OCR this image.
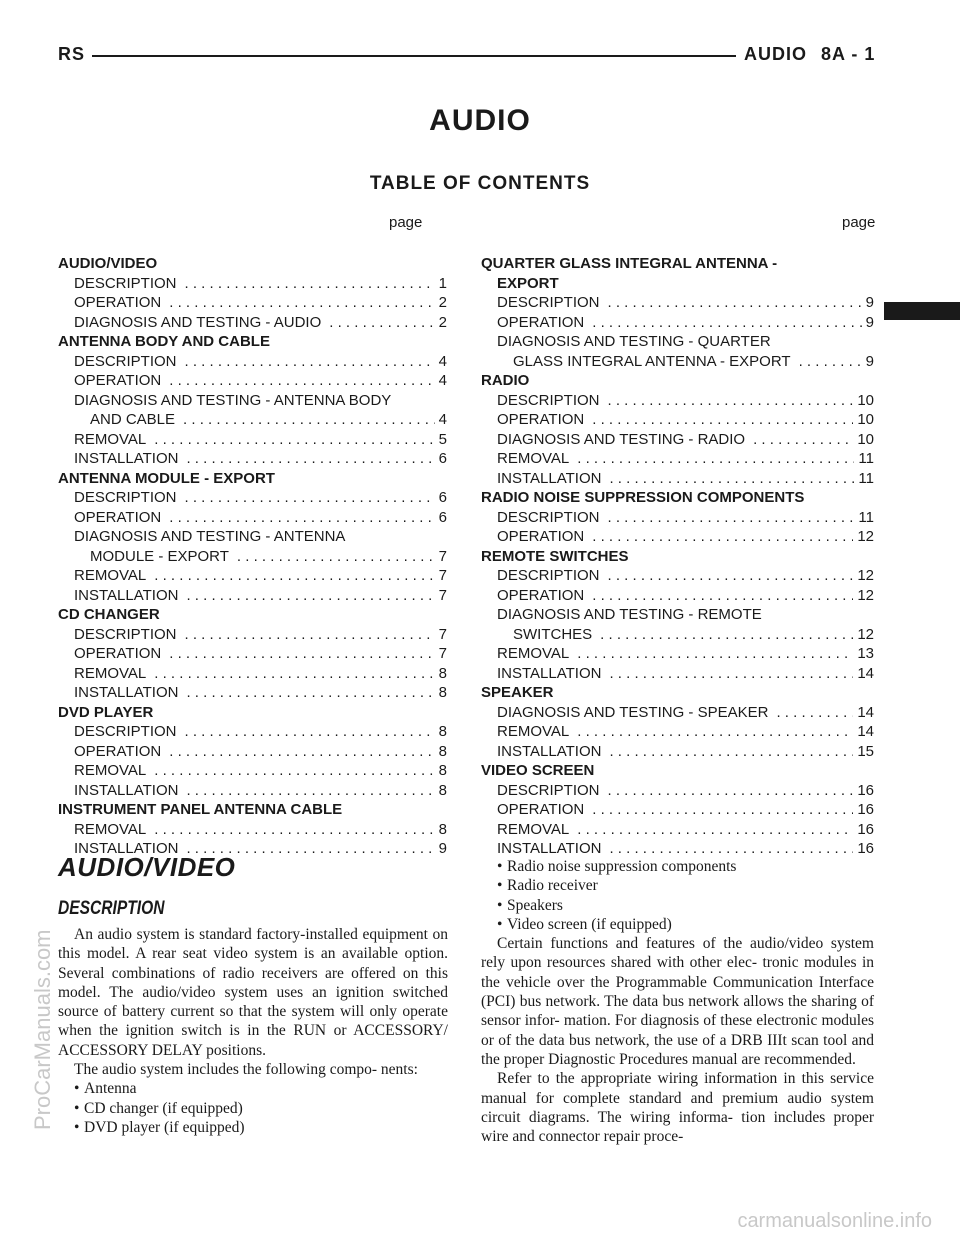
RS	AUDIO 8A - 1
AUDIO
TABLE OF CONTENTS
page	page
AUDIO/VIDEO
DESCRIPTION . . .	1
OPERATION . . .	2
DIAGNOSIS AND TESTING - AUDIO . . .	2
ANTENNA BODY AND CABLE
DESCRIPTION . . .	4
OPERATION . . .	4
DIAGNOSIS AND TESTING - ANTENNA BODY
AND CABLE . . .	4
REMOVAL . . .	5
INSTALLATION . . .	6
ANTENNA MODULE - EXPORT
DESCRIPTION . . .	6
OPERATION . . .	6
DIAGNOSIS AND TESTING - ANTENNA
MODULE - EXPORT . . .	7
REMOVAL . . .	7
INSTALLATION . . .	7
CD CHANGER
DESCRIPTION . . .	7
OPERATION . . .	7
REMOVAL . . .	8
INSTALLATION . . .	8
DVD PLAYER
DESCRIPTION . . .	8
OPERATION . . .	8
REMOVAL . . .	8
INSTALLATION . . .	8
INSTRUMENT PANEL ANTENNA CABLE
REMOVAL . . .	8
INSTALLATION . . .	9
QUARTER GLASS INTEGRAL ANTENNA -
EXPORT
DESCRIPTION . . .	9
OPERATION . . .	9
DIAGNOSIS AND TESTING - QUARTER
GLASS INTEGRAL ANTENNA - EXPORT . . .	9
RADIO
DESCRIPTION . . .	10
OPERATION . . .	10
DIAGNOSIS AND TESTING - RADIO . . .	10
REMOVAL . . .	11
INSTALLATION . . .	11
RADIO NOISE SUPPRESSION COMPONENTS
DESCRIPTION . . .	11
OPERATION . . .	12
REMOTE SWITCHES
DESCRIPTION . . .	12
OPERATION . . .	12
DIAGNOSIS AND TESTING - REMOTE
SWITCHES . . .	12
REMOVAL . . .	13
INSTALLATION . . .	14
SPEAKER
DIAGNOSIS AND TESTING - SPEAKER . . .	14
REMOVAL . . .	14
INSTALLATION . . .	15
VIDEO SCREEN
DESCRIPTION . . .	16
OPERATION . . .	16
REMOVAL . . .	16
INSTALLATION . . .	16
AUDIO/VIDEO
DESCRIPTION

An audio system is standard factory-installed equipment on this model. A rear seat video system is an available option. Several combinations of radio receivers are offered on this model. The audio/video system uses an ignition switched source of battery current so that the system will only operate when the ignition switch is in the RUN or ACCESSORY/ ACCESSORY DELAY positions.

The audio system includes the following compo- nents:

• Antenna
• CD changer (if equipped)
• DVD player (if equipped)
• Radio noise suppression components
• Radio receiver
• Speakers
• Video screen (if equipped)

Certain functions and features of the audio/video system rely upon resources shared with other elec- tronic modules in the vehicle over the Programmable Communication Interface (PCI) bus network. The data bus network allows the sharing of sensor infor- mation. For diagnosis of these electronic modules or of the data bus network, the use of a DRB IIIt scan tool and the proper Diagnostic Procedures manual are recommended.

Refer to the appropriate wiring information in this service manual for complete standard and premium audio system circuit diagrams. The wiring informa- tion includes proper wire and connector repair proce-

ProCarManuals.com
carmanualsonline.info
